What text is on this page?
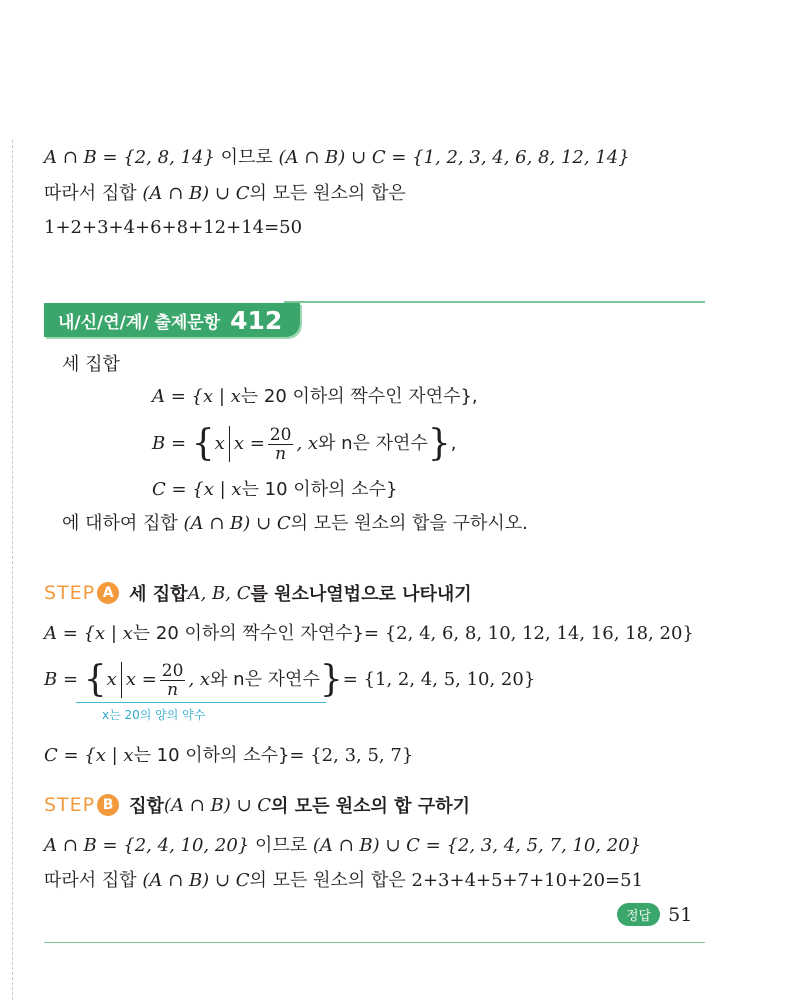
A ∩ B = {2, 8, 14} 이므로 (A ∩ B) ∪ C = {1, 2, 3, 4, 6, 8, 12, 14}
따라서 집합 (A ∩ B) ∪ C의 모든 원소의 합은
1+2+3+4+6+8+12+14=50
내/신/연/계/ 출제문항 412
세 집합
A = {x | x는 20 이하의 짝수인 자연수},
B = {x $x = \frac{20}{n}$ , x와 n은 자연수},
C = {x | x는 10 이하의 소수}
에 대하여 집합 (A ∩ B) ∪ C의 모든 원소의 합을 구하시오.
STEP A 세 집합 A, B, C 를 원소나열법으로 나타내기
A = {x | x는 20 이하의 짝수인 자연수}= {2, 4, 6, 8, 10, 12, 14, 16, 18, 20}
B = {x $x = \frac{20}{n}$ , x와 n은 자연수}= {1, 2, 4, 5, 10, 20}
x는 20의 양의 약수
C = {x | x는 10 이하의 소수}= {2, 3, 5, 7}
STEP B 집합 (A ∩ B) ∪ C 의 모든 원소의 합 구하기
A ∩ B = {2, 4, 10, 20} 이므로 (A ∩ B) ∪ C = {2, 3, 4, 5, 7, 10, 20}
따라서 집합 (A ∩ B) ∪ C의 모든 원소의 합은 2+3+4+5+7+10+20=51
정답 51
